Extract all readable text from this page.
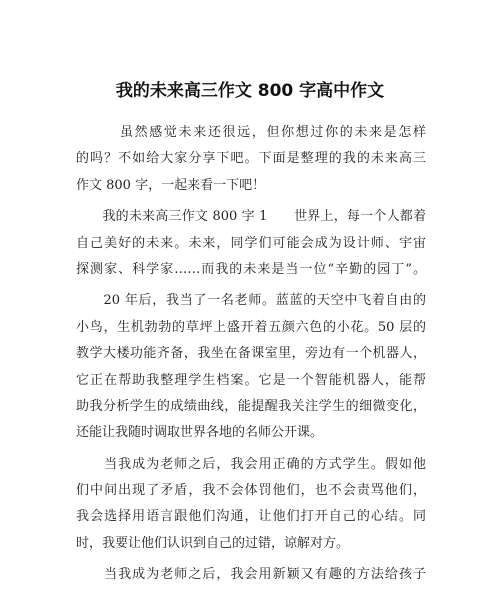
我的未来高三作文 800 字高中作文
　　　虽然感觉未来还很远，但你想过你的未来是怎样
的吗？不如给大家分享下吧。下面是整理的我的未来高三
作文 800 字，一起来看一下吧！
　　我的未来高三作文 800 字 1　　世界上，每一个人都着
自己美好的未来。未来，同学们可能会成为设计师、宇宙
探测家、科学家……而我的未来是当一位“辛勤的园丁”。
　　20 年后，我当了一名老师。蓝蓝的天空中飞着自由的
小鸟，生机勃勃的草坪上盛开着五颜六色的小花。50 层的
教学大楼功能齐备，我坐在备课室里，旁边有一个机器人，
它正在帮助我整理学生档案。它是一个智能机器人，能帮
助我分析学生的成绩曲线，能提醒我关注学生的细微变化，
还能让我随时调取世界各地的名师公开课。
　　当我成为老师之后，我会用正确的方式学生。假如他
们中间出现了矛盾，我不会体罚他们，也不会责骂他们，
我会选择用语言跟他们沟通，让他们打开自己的心结。同
时，我要让他们认识到自己的过错，谅解对方。
　　当我成为老师之后，我会用新颖又有趣的方法给孩子
